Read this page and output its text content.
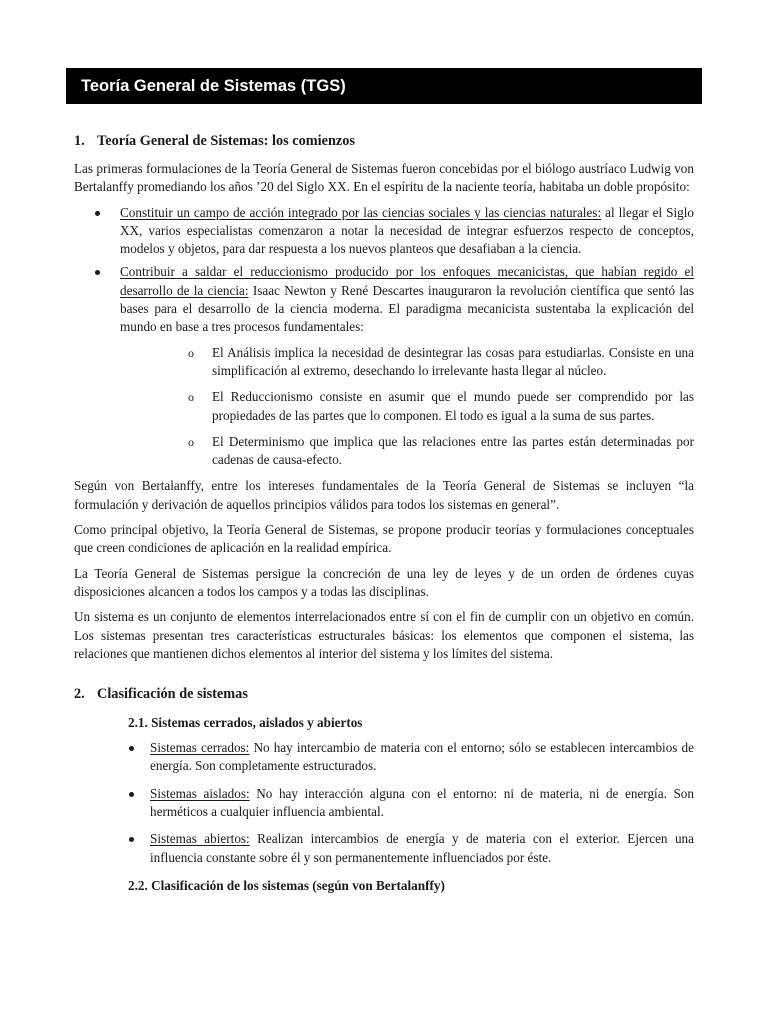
Teoría General de Sistemas (TGS)
1. Teoría General de Sistemas: los comienzos

Las primeras formulaciones de la Teoría General de Sistemas fueron concebidas por el biólogo austríaco Ludwig von Bertalanffy promediando los años ’20 del Siglo XX. En el espíritu de la naciente teoría, habitaba un doble propósito:

Constituir un campo de acción integrado por las ciencias sociales y las ciencias naturales: al llegar el Siglo XX, varios especialistas comenzaron a notar la necesidad de integrar esfuerzos respecto de conceptos, modelos y objetos, para dar respuesta a los nuevos planteos que desafiaban a la ciencia.
Contribuir a saldar el reduccionismo producido por los enfoques mecanicistas, que habían regido el desarrollo de la ciencia: Isaac Newton y René Descartes inauguraron la revolución científica que sentó las bases para el desarrollo de la ciencia moderna. El paradigma mecanicista sustentaba la explicación del mundo en base a tres procesos fundamentales:
o El Análisis implica la necesidad de desintegrar las cosas para estudiarlas. Consiste en una simplificación al extremo, desechando lo irrelevante hasta llegar al núcleo.
o El Reduccionismo consiste en asumir que el mundo puede ser comprendido por las propiedades de las partes que lo componen. El todo es igual a la suma de sus partes.
o El Determinismo que implica que las relaciones entre las partes están determinadas por cadenas de causa-efecto.

Según von Bertalanffy, entre los intereses fundamentales de la Teoría General de Sistemas se incluyen “la formulación y derivación de aquellos principios válidos para todos los sistemas en general”.

Como principal objetivo, la Teoría General de Sistemas, se propone producir teorías y formulaciones conceptuales que creen condiciones de aplicación en la realidad empírica.

La Teoría General de Sistemas persigue la concreción de una ley de leyes y de un orden de órdenes cuyas disposiciones alcancen a todos los campos y a todas las disciplinas.

Un sistema es un conjunto de elementos interrelacionados entre sí con el fin de cumplir con un objetivo en común. Los sistemas presentan tres características estructurales básicas: los elementos que componen el sistema, las relaciones que mantienen dichos elementos al interior del sistema y los límites del sistema.

2. Clasificación de sistemas
2.1. Sistemas cerrados, aislados y abiertos
Sistemas cerrados: No hay intercambio de materia con el entorno; sólo se establecen intercambios de energía. Son completamente estructurados.
Sistemas aislados: No hay interacción alguna con el entorno: ni de materia, ni de energía. Son herméticos a cualquier influencia ambiental.
Sistemas abiertos: Realizan intercambios de energía y de materia con el exterior. Ejercen una influencia constante sobre él y son permanentemente influenciados por éste.
2.2. Clasificación de los sistemas (según von Bertalanffy)
